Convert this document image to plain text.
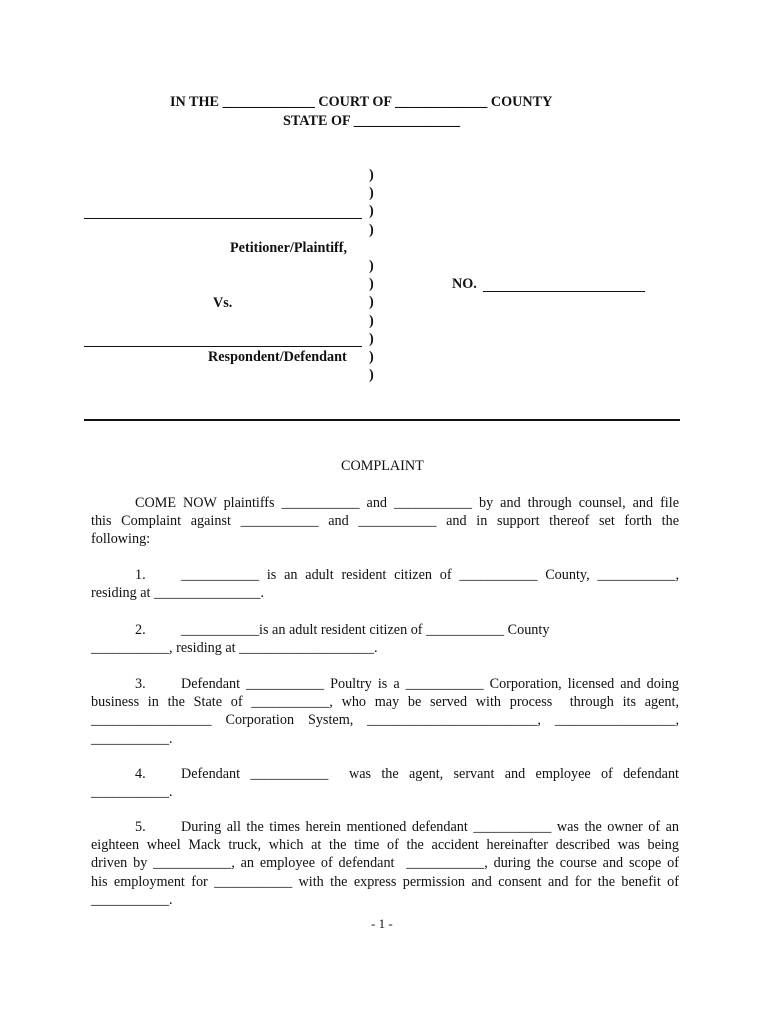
IN THE _____________ COURT OF _____________ COUNTY
STATE OF _______________
)
)
)
)
)
)
)
)
)
)
)
Petitioner/Plaintiff,
Vs.
Respondent/Defendant
NO.
COMPLAINT
COME NOW plaintiffs ___________ and ___________ by and through counsel, and file
this Complaint against ___________ and ___________ and in support thereof set forth the
following:
1. ___________ is an adult resident citizen of ___________ County, ___________,
residing at _______________.
2. ___________is an adult resident citizen of ___________ County
___________, residing at ___________________.
3. Defendant ___________ Poultry is a ___________ Corporation, licensed and doing
business in the State of ___________, who may be served with process  through its agent,
_________________ Corporation System, ________________________, _________________,
___________.
4. Defendant ___________  was the agent, servant and employee of defendant
___________.
5. During all the times herein mentioned defendant ___________ was the owner of an
eighteen wheel Mack truck, which at the time of the accident hereinafter described was being
driven by ___________, an employee of defendant  ___________, during the course and scope of
his employment for ___________ with the express permission and consent and for the benefit of
___________.
- 1 -
